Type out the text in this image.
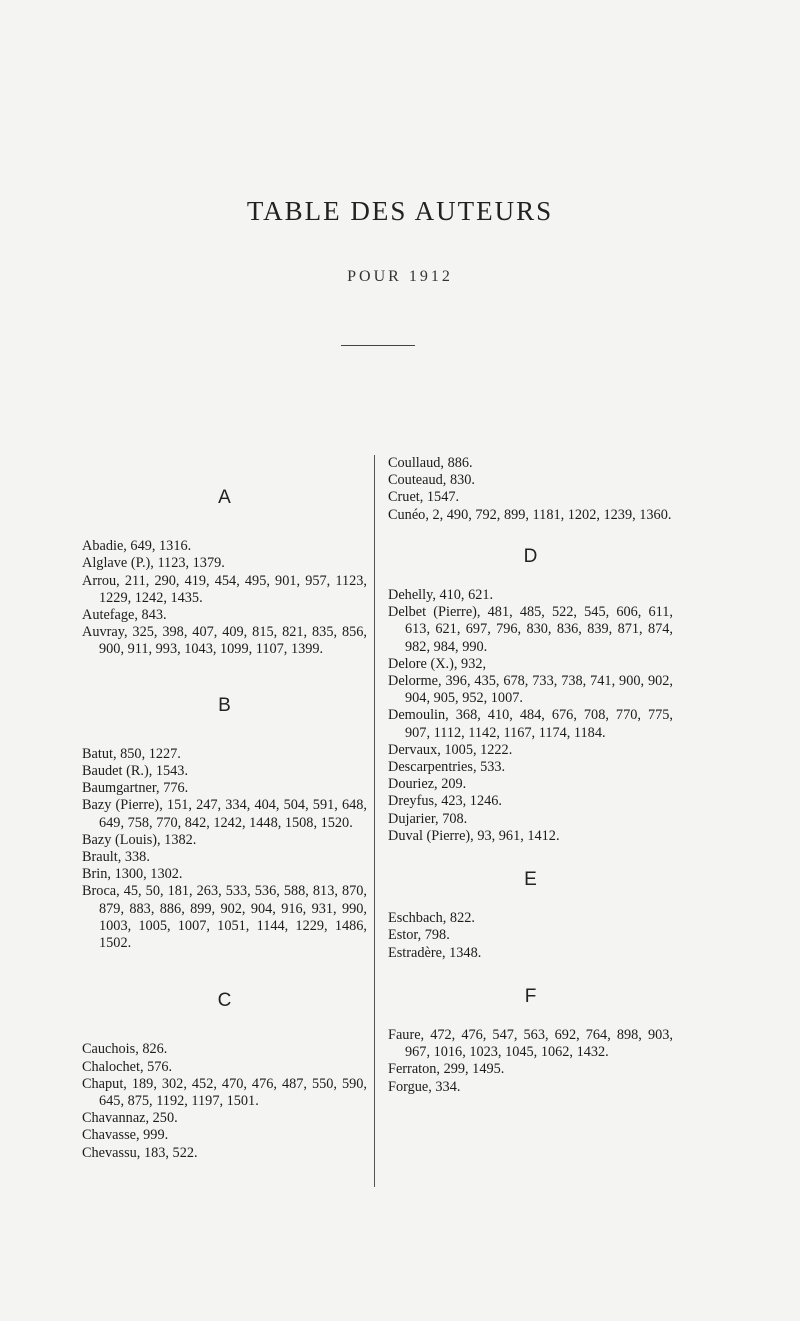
TABLE DES AUTEURS
POUR 1912
A
Abadie, 649, 1316.
Alglave (P.), 1123, 1379.
Arrou, 211, 290, 419, 454, 495, 901, 957, 1123, 1229, 1242, 1435.
Autefage, 843.
Auvray, 325, 398, 407, 409, 815, 821, 835, 856, 900, 911, 993, 1043, 1099, 1107, 1399.
B
Batut, 850, 1227.
Baudet (R.), 1543.
Baumgartner, 776.
Bazy (Pierre), 151, 247, 334, 404, 504, 591, 648, 649, 758, 770, 842, 1242, 1448, 1508, 1520.
Bazy (Louis), 1382.
Brault, 338.
Brin, 1300, 1302.
Broca, 45, 50, 181, 263, 533, 536, 588, 813, 870, 879, 883, 886, 899, 902, 904, 916, 931, 990, 1003, 1005, 1007, 1051, 1144, 1229, 1486, 1502.
C
Cauchois, 826.
Chalochet, 576.
Chaput, 189, 302, 452, 470, 476, 487, 550, 590, 645, 875, 1192, 1197, 1501.
Chavannaz, 250.
Chavasse, 999.
Chevassu, 183, 522.
Coullaud, 886.
Couteaud, 830.
Cruet, 1547.
Cunéo, 2, 490, 792, 899, 1181, 1202, 1239, 1360.
D
Dehelly, 410, 621.
Delbet (Pierre), 481, 485, 522, 545, 606, 611, 613, 621, 697, 796, 830, 836, 839, 871, 874, 982, 984, 990.
Delore (X.), 932,
Delorme, 396, 435, 678, 733, 738, 741, 900, 902, 904, 905, 952, 1007.
Demoulin, 368, 410, 484, 676, 708, 770, 775, 907, 1112, 1142, 1167, 1174, 1184.
Dervaux, 1005, 1222.
Descarpentries, 533.
Douriez, 209.
Dreyfus, 423, 1246.
Dujarier, 708.
Duval (Pierre), 93, 961, 1412.
E
Eschbach, 822.
Estor, 798.
Estradère, 1348.
F
Faure, 472, 476, 547, 563, 692, 764, 898, 903, 967, 1016, 1023, 1045, 1062, 1432.
Ferraton, 299, 1495.
Forgue, 334.
